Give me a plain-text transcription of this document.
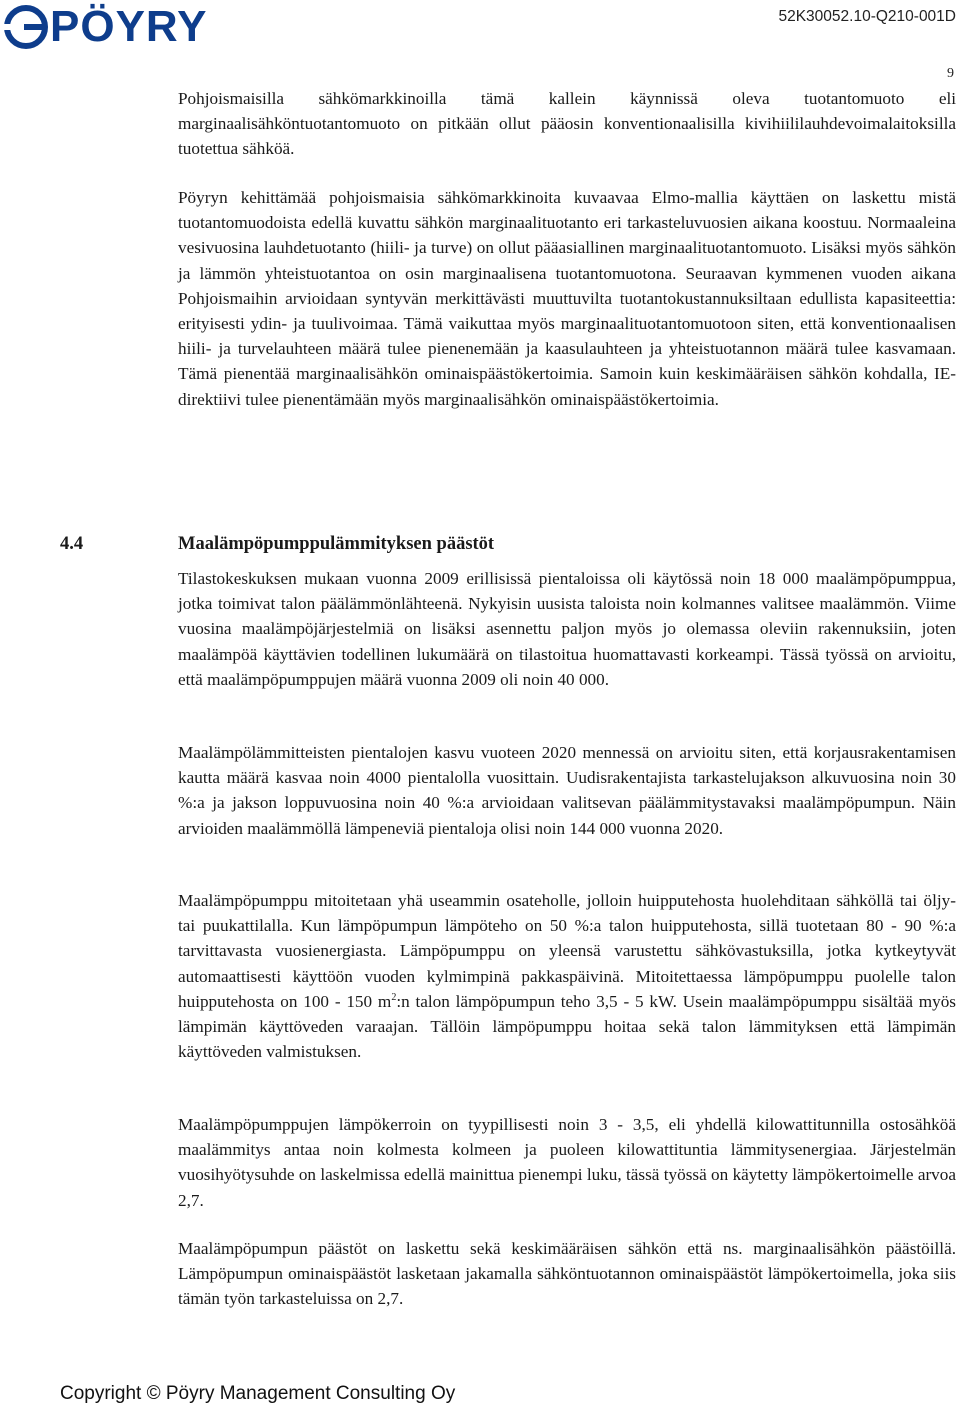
PÖYRY	52K30052.10-Q210-001D
9

Pohjoismaisilla sähkömarkkinoilla tämä kallein käynnissä oleva tuotantomuoto eli marginaalisähköntuotantomuoto on pitkään ollut pääosin konventionaalisilla kivihiililauhdevoimalaitoksilla tuotettua sähköä.

Pöyryn kehittämää pohjoismaisia sähkömarkkinoita kuvaavaa Elmo-mallia käyttäen on laskettu mistä tuotantomuodoista edellä kuvattu sähkön marginaalituotanto eri tarkasteluvuosien aikana koostuu. Normaaleina vesivuosina lauhdetuotanto (hiili- ja turve) on ollut pääasiallinen marginaalituotantomuoto. Lisäksi myös sähkön ja lämmön yhteistuotantoa on osin marginaalisena tuotantomuotona. Seuraavan kymmenen vuoden aikana Pohjoismaihin arvioidaan syntyvän merkittävästi muuttuvilta tuotantokustannuksiltaan edullista kapasiteettia: erityisesti ydin- ja tuulivoimaa. Tämä vaikuttaa myös marginaalituotantomuotoon siten, että konventionaalisen hiili- ja turvelauhteen määrä tulee pienenemään ja kaasulauhteen ja yhteistuotannon määrä tulee kasvamaan. Tämä pienentää marginaalisähkön ominaispäästökertoimia. Samoin kuin keskimääräisen sähkön kohdalla, IE-direktiivi tulee pienentämään myös marginaalisähkön ominaispäästökertoimia.

4.4	Maalämpöpumppulämmityksen päästöt

Tilastokeskuksen mukaan vuonna 2009 erillisissä pientaloissa oli käytössä noin 18 000 maalämpöpumppua, jotka toimivat talon päälämmönlähteenä. Nykyisin uusista taloista noin kolmannes valitsee maalämmön. Viime vuosina maalämpöjärjestelmiä on lisäksi asennettu paljon myös jo olemassa oleviin rakennuksiin, joten maalämpöä käyttävien todellinen lukumäärä on tilastoitua huomattavasti korkeampi. Tässä työssä on arvioitu, että maalämpöpumppujen määrä vuonna 2009 oli noin 40 000.

Maalämpölämmitteisten pientalojen kasvu vuoteen 2020 mennessä on arvioitu siten, että korjausrakentamisen kautta määrä kasvaa noin 4000 pientalolla vuosittain. Uudisrakentajista tarkastelujakson alkuvuosina noin 30 %:a ja jakson loppuvuosina noin 40 %:a arvioidaan valitsevan päälämmitystavaksi maalämpöpumpun. Näin arvioiden maalämmöllä lämpeneviä pientaloja olisi noin 144 000 vuonna 2020.

Maalämpöpumppu mitoitetaan yhä useammin osateholle, jolloin huipputehosta huolehditaan sähköllä tai öljy- tai puukattilalla. Kun lämpöpumpun lämpöteho on 50 %:a talon huipputehosta, sillä tuotetaan 80 - 90 %:a tarvittavasta vuosienergiasta. Lämpöpumppu on yleensä varustettu sähkövastuksilla, jotka kytkeytyvät automaattisesti käyttöön vuoden kylmimpinä pakkaspäivinä. Mitoitettaessa lämpöpumppu puolelle talon huipputehosta on 100 - 150 $m^2:n$ talon lämpöpumpun teho 3,5 - 5 kW. Usein maalämpöpumppu sisältää myös lämpimän käyttöveden varaajan. Tällöin lämpöpumppu hoitaa sekä talon lämmityksen että lämpimän käyttöveden valmistuksen.

Maalämpöpumppujen lämpökerroin on tyypillisesti noin 3 - 3,5, eli yhdellä kilowattitunnilla ostosähköä maalämmitys antaa noin kolmesta kolmeen ja puoleen kilowattituntia lämmitysenergiaa. Järjestelmän vuosihyötysuhde on laskelmissa edellä mainittua pienempi luku, tässä työssä on käytetty lämpökertoimelle arvoa 2,7.

Maalämpöpumpun päästöt on laskettu sekä keskimääräisen sähkön että ns. marginaalisähkön päästöillä. Lämpöpumpun ominaispäästöt lasketaan jakamalla sähköntuotannon ominaispäästöt lämpökertoimella, joka siis tämän työn tarkasteluissa on 2,7.

Copyright © Pöyry Management Consulting Oy
